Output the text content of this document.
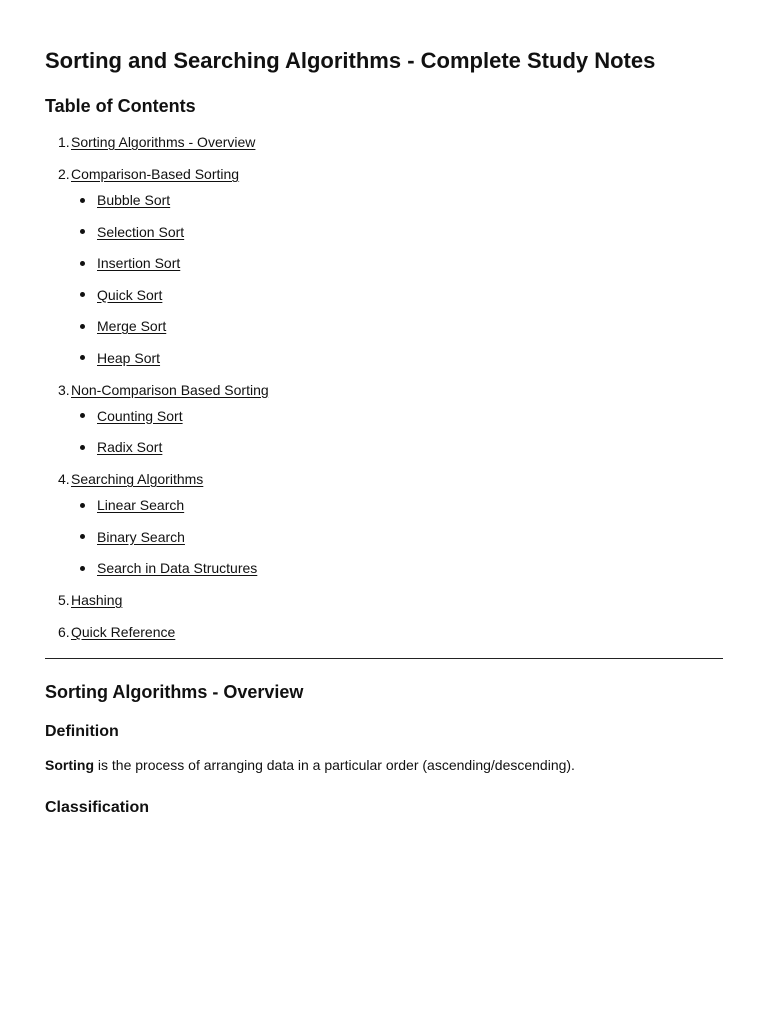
Sorting and Searching Algorithms - Complete Study Notes
Table of Contents
1. Sorting Algorithms - Overview
2. Comparison-Based Sorting
Bubble Sort
Selection Sort
Insertion Sort
Quick Sort
Merge Sort
Heap Sort
3. Non-Comparison Based Sorting
Counting Sort
Radix Sort
4. Searching Algorithms
Linear Search
Binary Search
Search in Data Structures
5. Hashing
6. Quick Reference
Sorting Algorithms - Overview
Definition

Sorting is the process of arranging data in a particular order (ascending/descending).

Classification
